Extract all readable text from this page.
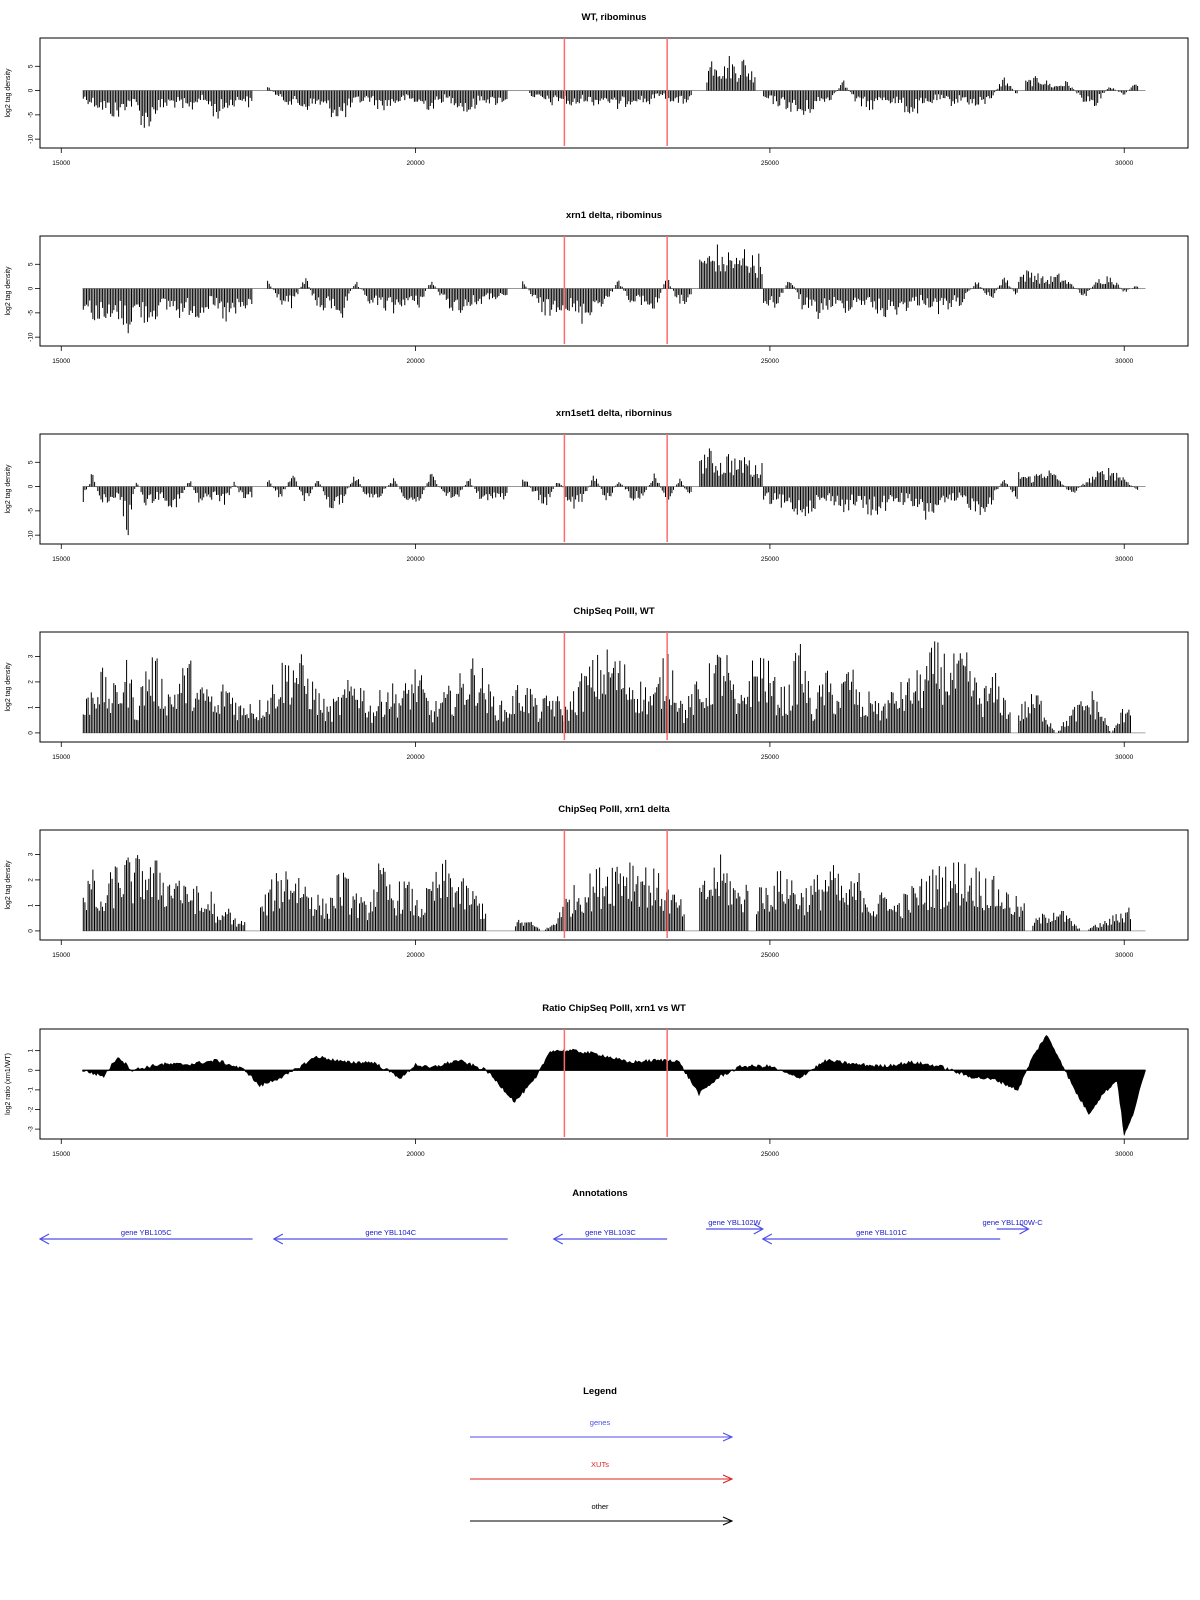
WT, ribominus
log2 tag density
5
0
-5
-10
15000	20000	25000	30000
xrn1 delta, ribominus
log2 tag density
5
0
-5
-10
15000	20000	25000	30000
xrn1set1 delta, riborninus
log2 tag density
5
0
-5
-10
15000	20000	25000	30000
ChipSeq PolII, WT
log2 tag density
0
1
2
3
15000	20000	25000	30000
ChipSeq PolII, xrn1 delta
log2 tag density
0
1
2
3
15000	20000	25000	30000
Ratio ChipSeq PolII, xrn1 vs WT
log2 ratio (xrn1/WT)
1
0
-1
-2
-3
15000	20000	25000	30000
Annotations
gene YBL105C	gene YBL104C	gene YBL103C
gene YBL102W
gene YBL101C
gene YBL100W-C
Legend
genes
XUTs
other
